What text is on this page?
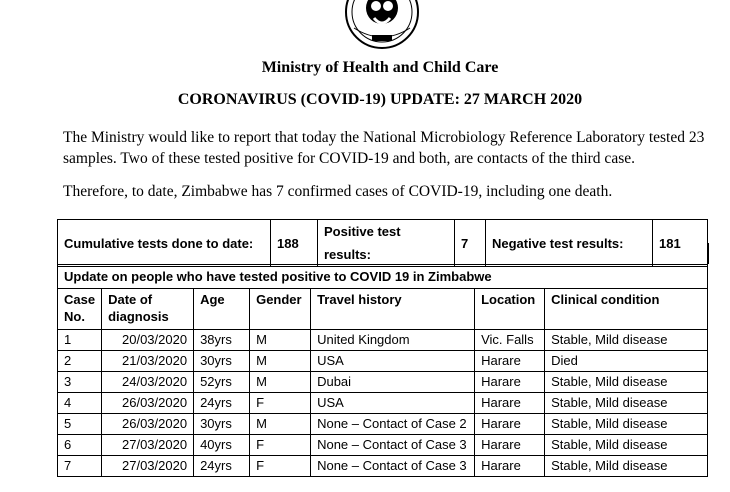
Ministry of Health and Child Care
CORONAVIRUS (COVID-19) UPDATE: 27 MARCH 2020
The Ministry would like to report that today the National Microbiology Reference Laboratory tested 23 samples. Two of these tested positive for COVID-19 and both, are contacts of the third case.
Therefore, to date, Zimbabwe has 7 confirmed cases of COVID-19, including one death.
Cumulative tests done to date:	188	Positive test results:	7	Negative test results:	181
Update on people who have tested positive to COVID 19 in Zimbabwe						
Case No.	Date of diagnosis	Age	Gender	Travel history	Location	Clinical condition
1	20/03/2020	38yrs	M	United Kingdom	Vic. Falls	Stable, Mild disease
2	21/03/2020	30yrs	M	USA	Harare	Died
3	24/03/2020	52yrs	M	Dubai	Harare	Stable, Mild disease
4	26/03/2020	24yrs	F	USA	Harare	Stable, Mild disease
5	26/03/2020	30yrs	M	None – Contact of Case 2	Harare	Stable, Mild disease
6	27/03/2020	40yrs	F	None – Contact of Case 3	Harare	Stable, Mild disease
7	27/03/2020	24yrs	F	None – Contact of Case 3	Harare	Stable, Mild disease
